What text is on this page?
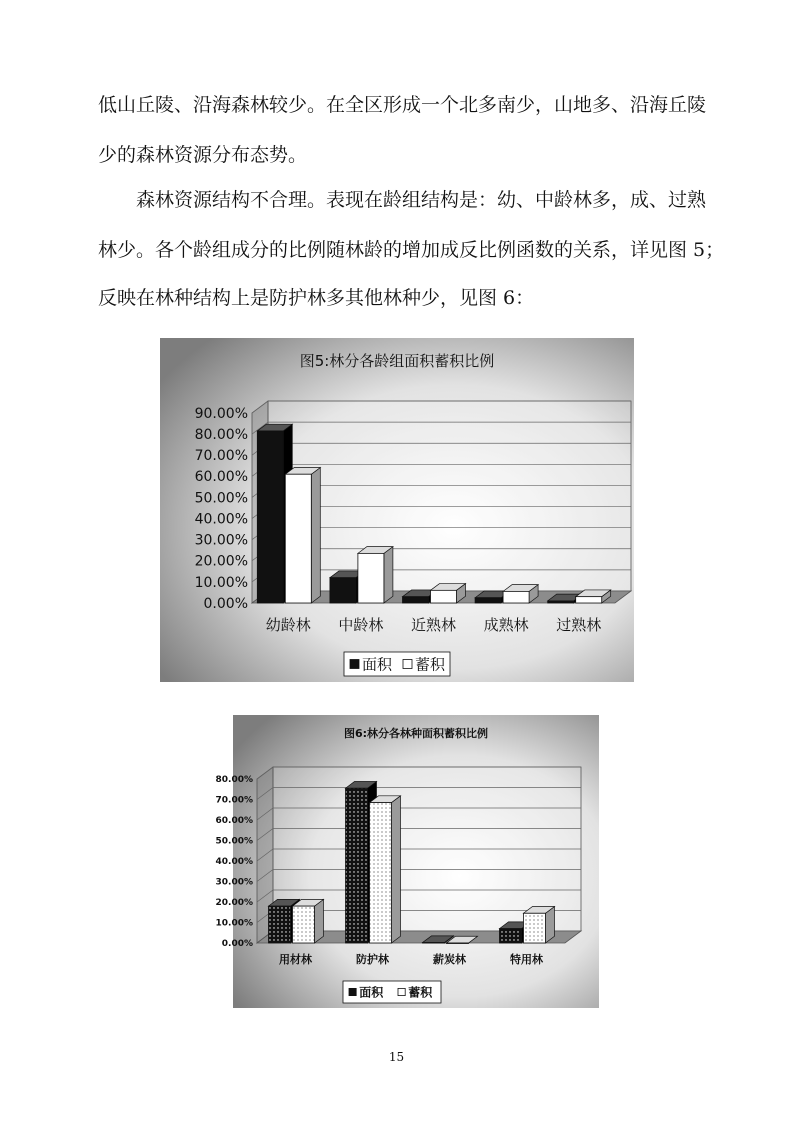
低山丘陵、沿海森林较少。在全区形成一个北多南少，山地多、沿海丘陵

少的森林资源分布态势。

森林资源结构不合理。表现在龄组结构是：幼、中龄林多，成、过熟

林少。各个龄组成分的比例随林龄的增加成反比例函数的关系，详见图 5；

反映在林种结构上是防护林多其他林种少，见图 6：

图5:林分各龄组面积蓄积比例
0.00%
10.00%
20.00%
30.00%
40.00%
50.00%
60.00%
70.00%
80.00%
90.00%
幼龄林 中龄林 近熟林 成熟林 过熟林
面积 蓄积
图6:林分各林种面积蓄积比例
0.00%
10.00%
20.00%
30.00%
40.00%
50.00%
60.00%
70.00%
80.00%
用材林	防护林	薪炭林	特用林
面积 蓄积
15
